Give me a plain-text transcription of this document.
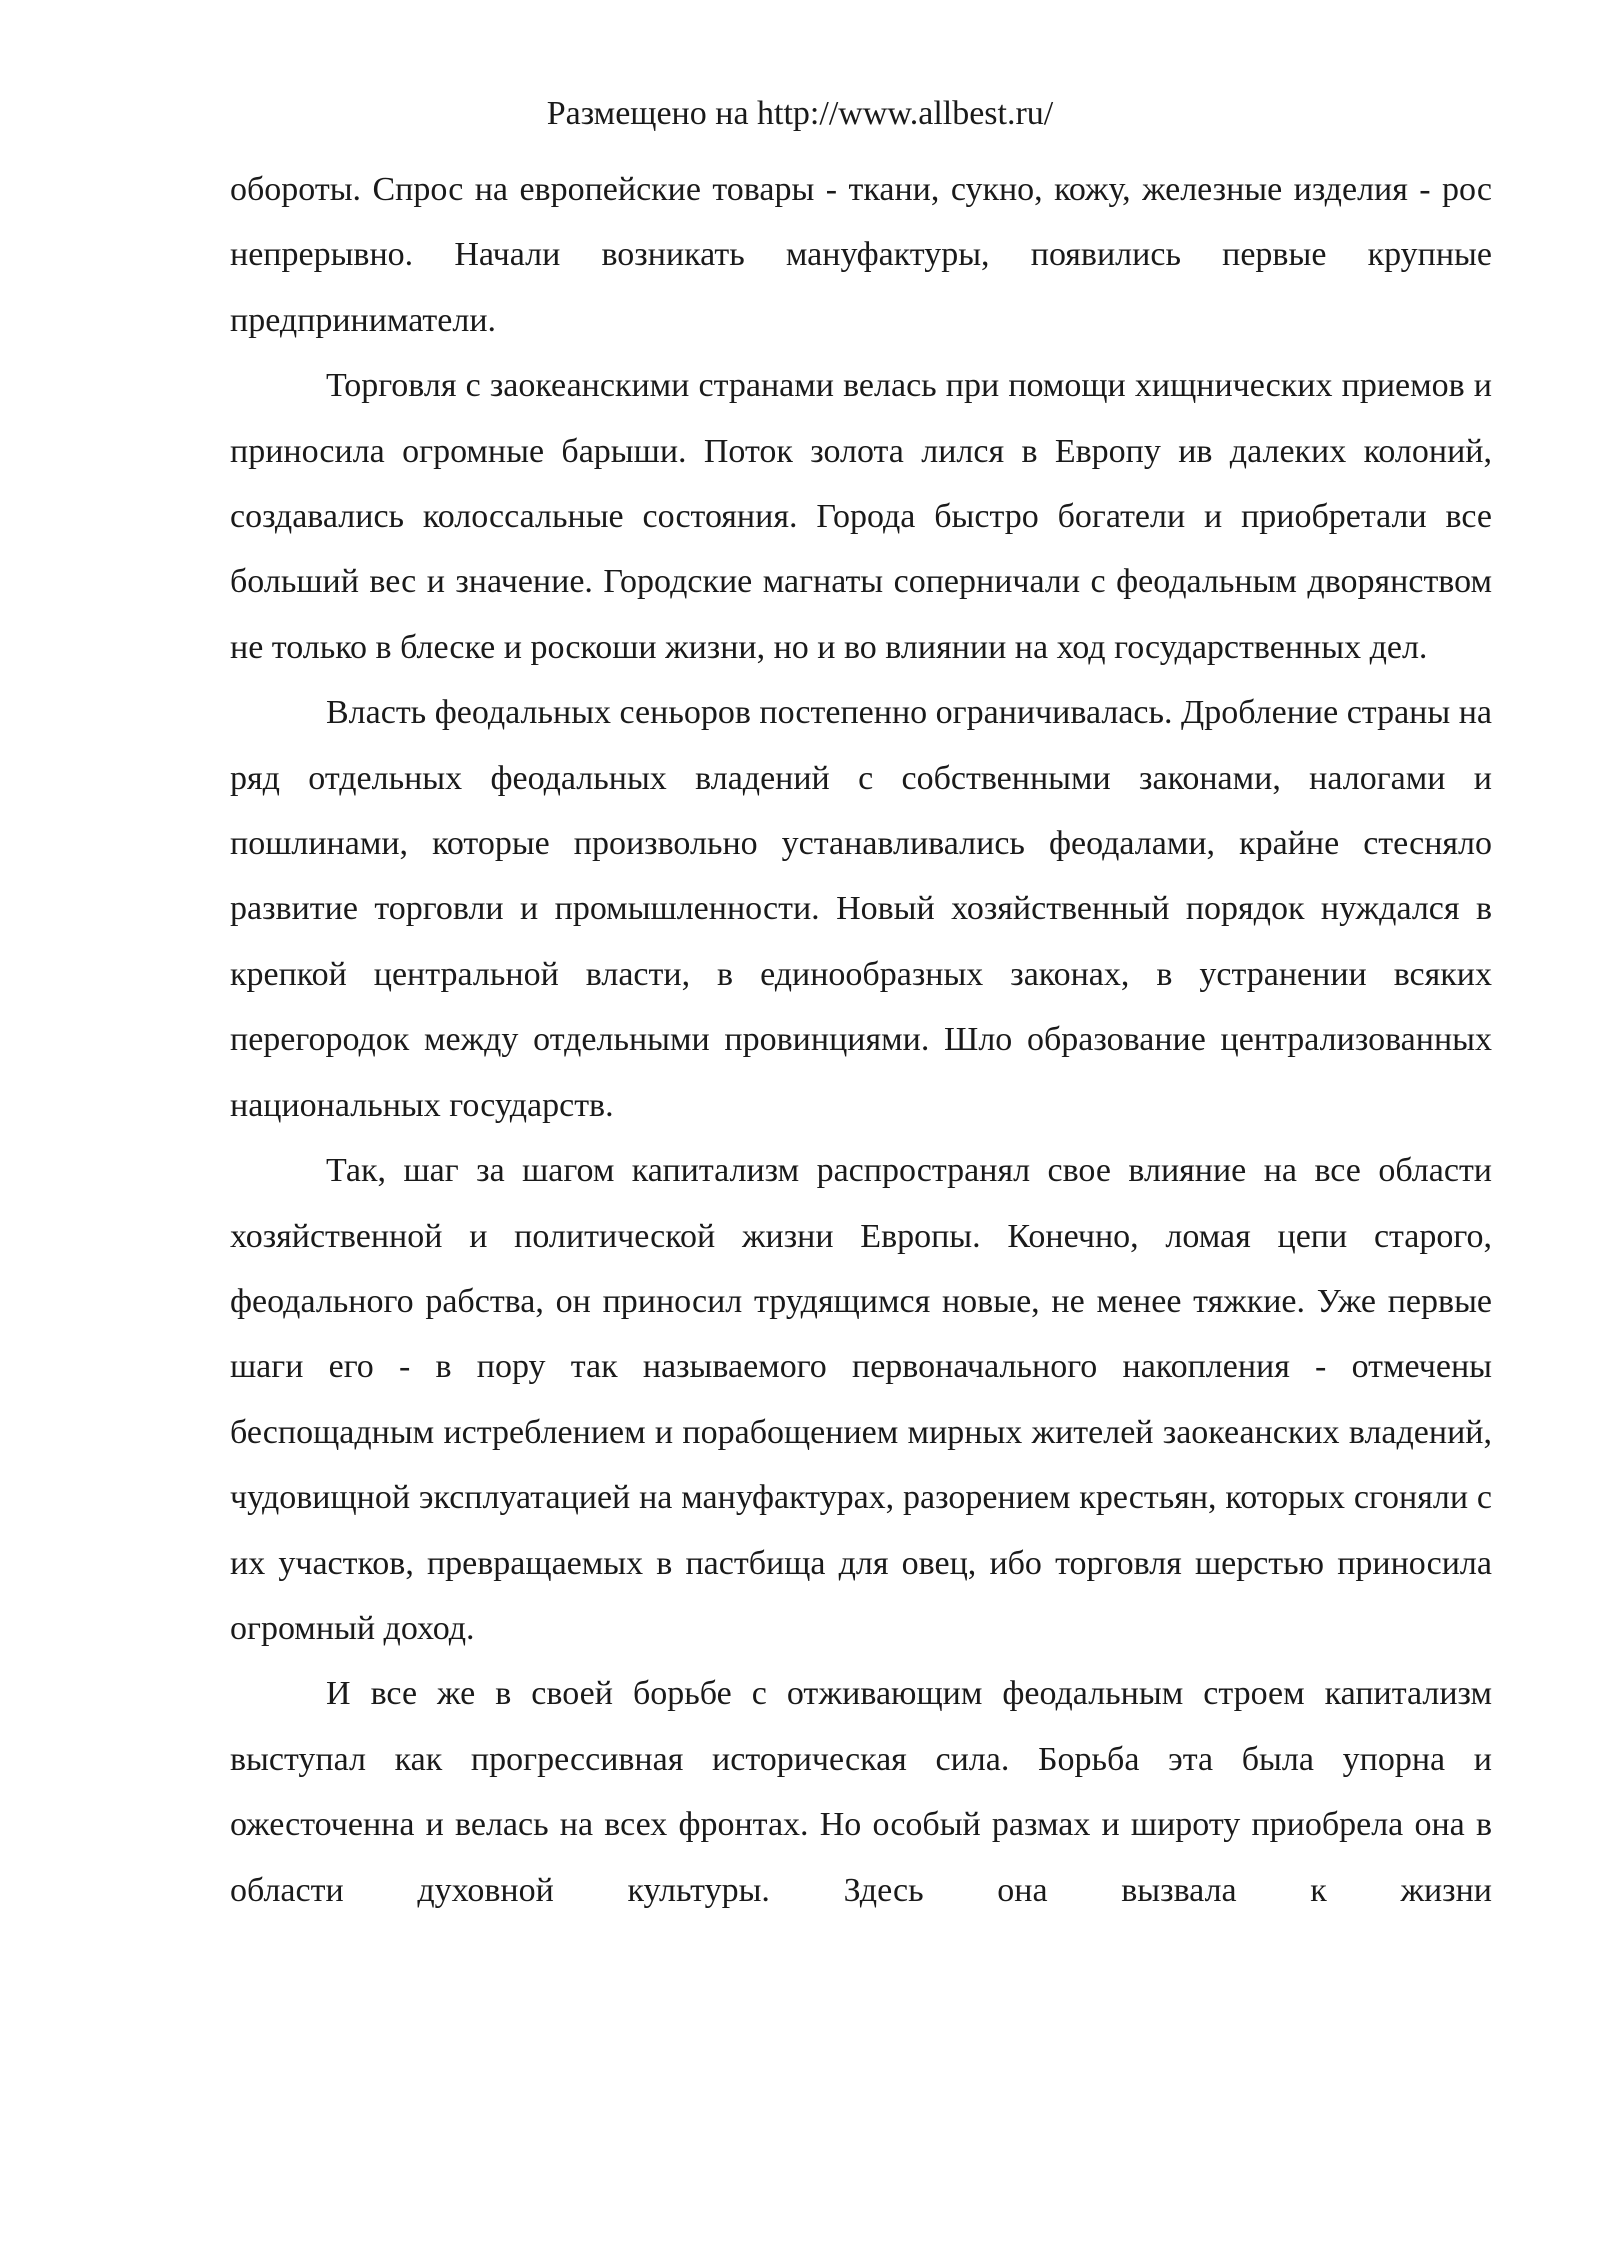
Размещено на http://www.allbest.ru/

обороты. Спрос на европейские товары - ткани, сукно, кожу, железные изделия - рос непрерывно. Начали возникать мануфактуры, появились первые крупные предприниматели.

Торговля с заокеанскими странами велась при помощи хищнических приемов и приносила огромные барыши. Поток золота лился в Европу ив далеких колоний, создавались колоссальные состояния. Города быстро богатели и приобретали все больший вес и значение. Городские магнаты соперничали с феодальным дворянством не только в блеске и роскоши жизни, но и во влиянии на ход государственных дел.

Власть феодальных сеньоров постепенно ограничивалась. Дробление страны на ряд отдельных феодальных владений с собственными законами, налогами и пошлинами, которые произвольно устанавливались феодалами, крайне стесняло развитие торговли и промышленности. Новый хозяйственный порядок нуждался в крепкой центральной власти, в единообразных законах, в устранении всяких перегородок между отдельными провинциями. Шло образование централизованных национальных государств.

Так, шаг за шагом капитализм распространял свое влияние на все области хозяйственной и политической жизни Европы. Конечно, ломая цепи старого, феодального рабства, он приносил трудящимся новые, не менее тяжкие. Уже первые шаги его - в пору так называемого первоначального накопления - отмечены беспощадным истреблением и порабощением мирных жителей заокеанских владений, чудовищной эксплуатацией на мануфактурах, разорением крестьян, которых сгоняли с их участков, превращаемых в пастбища для овец, ибо торговля шерстью приносила огромный доход.

И все же в своей борьбе с отживающим феодальным строем капитализм выступал как прогрессивная историческая сила. Борьба эта была упорна и ожесточенна и велась на всех фронтах. Но особый размах и широту приобрела она в области духовной культуры. Здесь она вызвала к жизни
